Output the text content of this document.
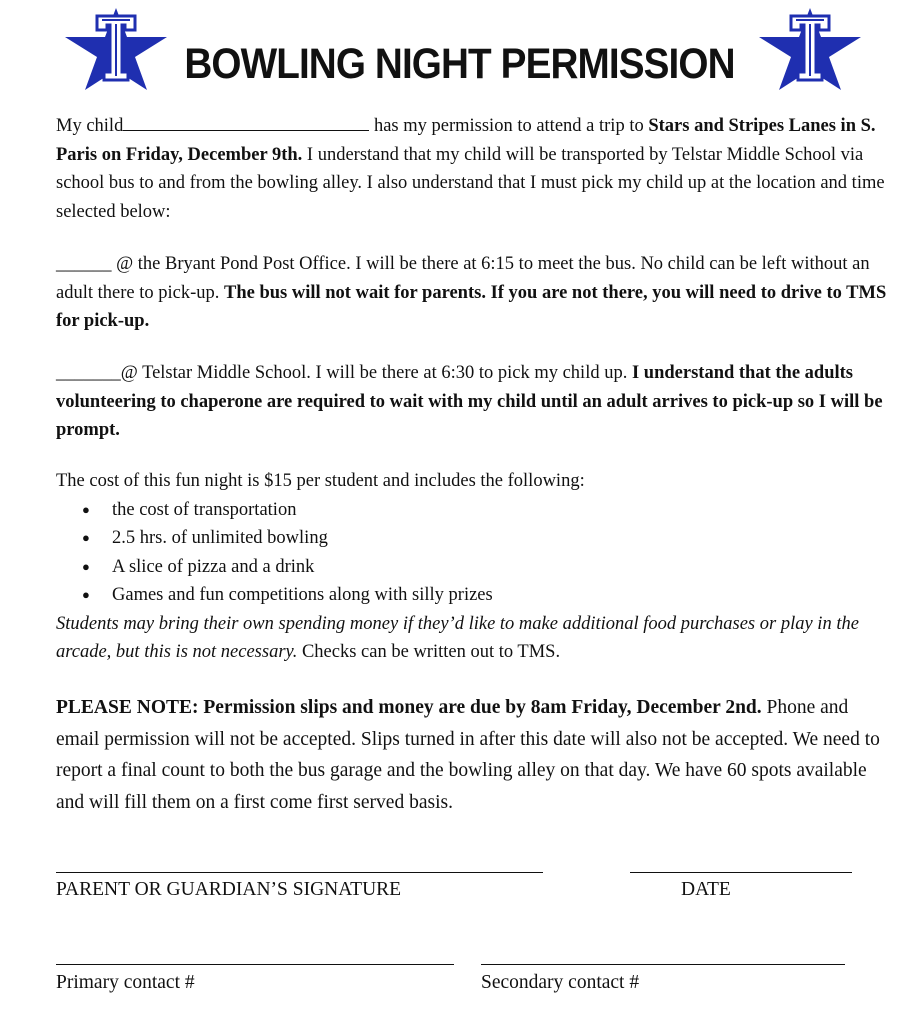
BOWLING NIGHT PERMISSION

My child	has my permission to attend a trip to Stars and Stripes Lanes in S. Paris on Friday, December 9th. I understand that my child will be transported by Telstar Middle School via school bus to and from the bowling alley. I also understand that I must pick my child up at the location and time selected below:

______ @ the Bryant Pond Post Office. I will be there at 6:15 to meet the bus. No child can be left without an adult there to pick-up. The bus will not wait for parents. If you are not there, you will need to drive to TMS for pick-up.

_______@ Telstar Middle School. I will be there at 6:30 to pick my child up. I understand that the adults volunteering to chaperone are required to wait with my child until an adult arrives to pick-up so I will be prompt.

The cost of this fun night is $15 per student and includes the following:

● the cost of transportation
● 2.5 hrs. of unlimited bowling
● A slice of pizza and a drink
● Games and fun competitions along with silly prizes

Students may bring their own spending money if they’d like to make additional food purchases or play in the arcade, but this is not necessary. Checks can be written out to TMS.

PLEASE NOTE: Permission slips and money are due by 8am Friday, December 2nd. Phone and email permission will not be accepted. Slips turned in after this date will also not be accepted. We need to report a final count to both the bus garage and the bowling alley on that day. We have 60 spots available and will fill them on a first come first served basis.

PARENT OR GUARDIAN’S SIGNATURE	DATE
Primary contact #	Secondary contact #
